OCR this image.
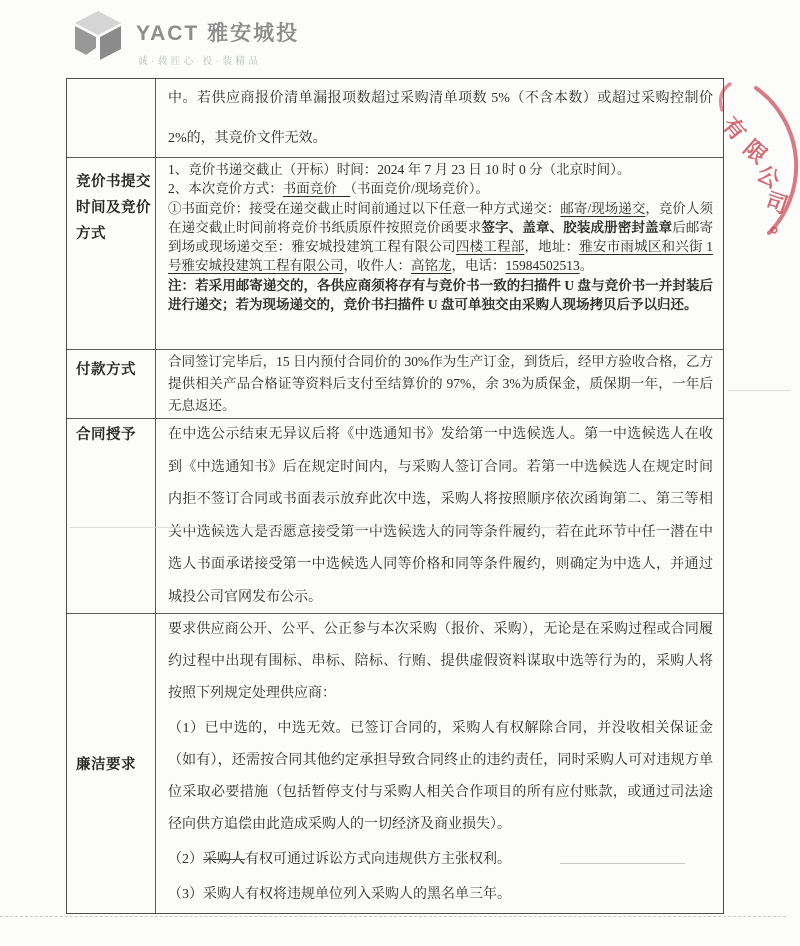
YACT 雅安城投
诚·载匠心 投·装精品
有
限
公
司
。

中。若供应商报价清单漏报项数超过采购清单项数 5%（不含本数）或超过采购控制价 2%的，其竞价文件无效。

竞价书提交时间及竞价方式

1、竞价书递交截止（开标）时间：2024 年 7 月 23 日 10 时 0 分（北京时间）。

2、本次竞价方式：书面竞价　（书面竞价/现场竞价）。

①书面竞价：接受在递交截止时间前通过以下任意一种方式递交：邮寄/现场递交，竞价人须在递交截止时间前将竞价书纸质原件按照竞价函要求签字、盖章、胶装成册密封盖章后邮寄到场或现场递交至：雅安城投建筑工程有限公司四楼工程部，地址：雅安市雨城区和兴街 1 号雅安城投建筑工程有限公司，收件人：高铭龙，电话：15984502513。

注：若采用邮寄递交的，各供应商须将存有与竞价书一致的扫描件 U 盘与竞价书一并封装后进行递交；若为现场递交的，竞价书扫描件 U 盘可单独交由采购人现场拷贝后予以归还。

付款方式

合同签订完毕后，15 日内预付合同价的 30%作为生产订金，到货后，经甲方验收合格，乙方提供相关产品合格证等资料后支付至结算价的 97%，余 3%为质保金，质保期一年，一年后无息返还。

合同授予	在中选公示结束无异议后将《中选通知书》发给第一中选候选人。第一中选候选人在收到《中选通知书》后在规定时间内，与采购人签订合同。若第一中选候选人在规定时间内拒不签订合同或书面表示放弃此次中选，采购人将按照顺序依次函询第二、第三等相关中选候选人是否愿意接受第一中选候选人的同等条件履约，若在此环节中任一潜在中选人书面承诺接受第一中选候选人同等价格和同等条件履约，则确定为中选人，并通过城投公司官网发布公示。

廉洁要求

要求供应商公开、公平、公正参与本次采购（报价、采购），无论是在采购过程或合同履约过程中出现有围标、串标、陪标、行贿、提供虚假资料谋取中选等行为的，采购人将按照下列规定处理供应商：

（1）已中选的，中选无效。已签订合同的，采购人有权解除合同，并没收相关保证金（如有），还需按合同其他约定承担导致合同终止的违约责任，同时采购人可对违规方单位采取必要措施（包括暂停支付与采购人相关合作项目的所有应付账款，或通过司法途径向供方追偿由此造成采购人的一切经济及商业损失）。

（2）采购人有权可通过诉讼方式向违规供方主张权利。

（3）采购人有权将违规单位列入采购人的黑名单三年。
